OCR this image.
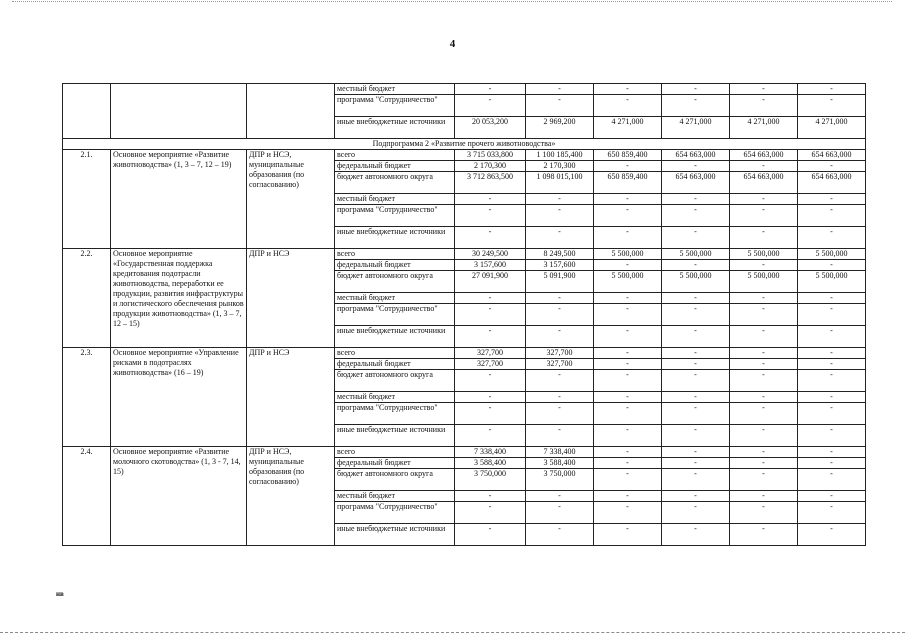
4
			местный бюджет	-	-	-	-	-	-
			программа "Сотрудничество"	-	-	-	-	-	-
			иные внебюджетные источники	20 053,200	2 969,200	4 271,000	4 271,000	4 271,000	4 271,000
Подпрограмма 2 «Развитие прочего животноводства»									
2.1.	Основное мероприятие «Развитие животноводства» (1, 3 – 7, 12 – 19)	ДПР и НСЭ, муниципальные образования (по согласованию)	всего	3 715 033,800	1 100 185,400	650 859,400	654 663,000	654 663,000	654 663,000
			федеральный бюджет	2 170,300	2 170,300	-	-	-	-
			бюджет автономного округа	3 712 863,500	1 098 015,100	650 859,400	654 663,000	654 663,000	654 663,000
			местный бюджет	-	-	-	-	-	-
			программа "Сотрудничество"	-	-	-	-	-	-
			иные внебюджетные источники	-	-	-	-	-	-
2.2.	Основное мероприятие «Государственная поддержка кредитования подотрасли животноводства, переработки ее продукции, развития инфраструктуры и логистического обеспечения рынков продукции животноводства» (1, 3 – 7, 12 – 15)	ДПР и НСЭ	всего	30 249,500	8 249,500	5 500,000	5 500,000	5 500,000	5 500,000
			федеральный бюджет	3 157,600	3 157,600	-	-	-	-
			бюджет автономного округа	27 091,900	5 091,900	5 500,000	5 500,000	5 500,000	5 500,000
			местный бюджет	-	-	-	-	-	-
			программа "Сотрудничество"	-	-	-	-	-	-
			иные внебюджетные источники	-	-	-	-	-	-
2.3.	Основное мероприятие «Управление рисками в подотраслях животноводства» (16 – 19)	ДПР и НСЭ	всего	327,700	327,700	-	-	-	-
			федеральный бюджет	327,700	327,700	-	-	-	-
			бюджет автономного округа	-	-	-	-	-	-
			местный бюджет	-	-	-	-	-	-
			программа "Сотрудничество"	-	-	-	-	-	-
			иные внебюджетные источники	-	-	-	-	-	-
2.4.	Основное мероприятие «Развитие молочного скотоводства» (1, 3 - 7, 14, 15)	ДПР и НСЭ, муниципальные образования (по согласованию)	всего	7 338,400	7 338,400	-	-	-	-
			федеральный бюджет	3 588,400	3 588,400	-	-	-	-
			бюджет автономного округа	3 750,000	3 750,000	-	-	-	-
			местный бюджет	-	-	-	-	-	-
			программа "Сотрудничество"	-	-	-	-	-	-
			иные внебюджетные источники	-	-	-	-	-	-
нв
